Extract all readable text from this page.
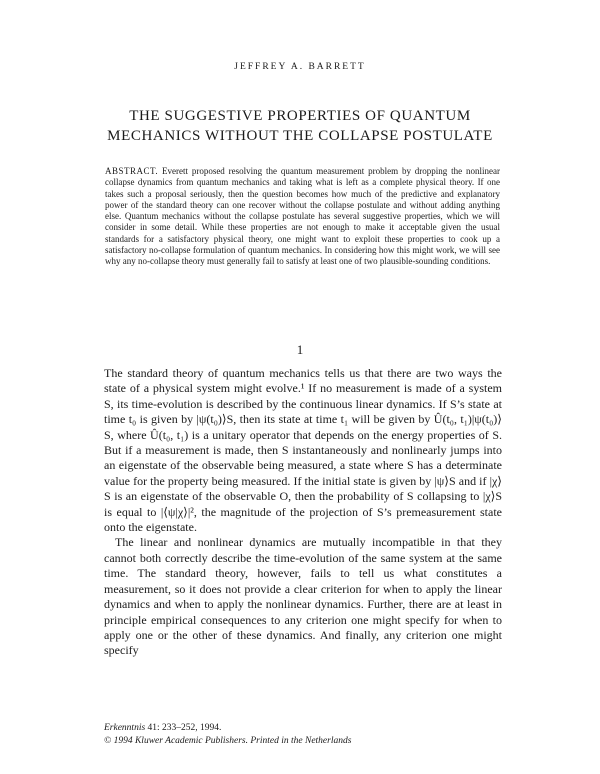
JEFFREY A. BARRETT
THE SUGGESTIVE PROPERTIES OF QUANTUM
MECHANICS WITHOUT THE COLLAPSE POSTULATE
ABSTRACT. Everett proposed resolving the quantum measurement problem by dropping the nonlinear collapse dynamics from quantum mechanics and taking what is left as a complete physical theory. If one takes such a proposal seriously, then the question becomes how much of the predictive and explanatory power of the standard theory can one recover without the collapse postulate and without adding anything else. Quantum mechanics without the collapse postulate has several suggestive properties, which we will consider in some detail. While these properties are not enough to make it acceptable given the usual standards for a satisfactory physical theory, one might want to exploit these properties to cook up a satisfactory no-collapse formulation of quantum mechanics. In considering how this might work, we will see why any no-collapse theory must generally fail to satisfy at least one of two plausible-sounding conditions.
1

The standard theory of quantum mechanics tells us that there are two ways the state of a physical system might evolve.¹ If no measurement is made of a system S, its time-evolution is described by the continuous linear dynamics. If S’s state at time t₀ is given by |ψ(t₀)⟩S, then its state at time t₁ will be given by Û(t₀, t₁)|ψ(t₀)⟩S, where Û(t₀, t₁) is a unitary operator that depends on the energy properties of S. But if a measurement is made, then S instantaneously and nonlinearly jumps into an eigenstate of the observable being measured, a state where S has a determinate value for the property being measured. If the initial state is given by |ψ⟩S and if |χ⟩S is an eigenstate of the observable O, then the probability of S collapsing to |χ⟩S is equal to |⟨ψ|χ⟩|², the magnitude of the projection of S’s premeasurement state onto the eigenstate.

The linear and nonlinear dynamics are mutually incompatible in that they cannot both correctly describe the time-evolution of the same system at the same time. The standard theory, however, fails to tell us what constitutes a measurement, so it does not provide a clear criterion for when to apply the linear dynamics and when to apply the nonlinear dynamics. Further, there are at least in principle empirical consequences to any criterion one might specify for when to apply one or the other of these dynamics. And finally, any criterion one might specify

Erkenntnis 41: 233–252, 1994.
© 1994 Kluwer Academic Publishers. Printed in the Netherlands
